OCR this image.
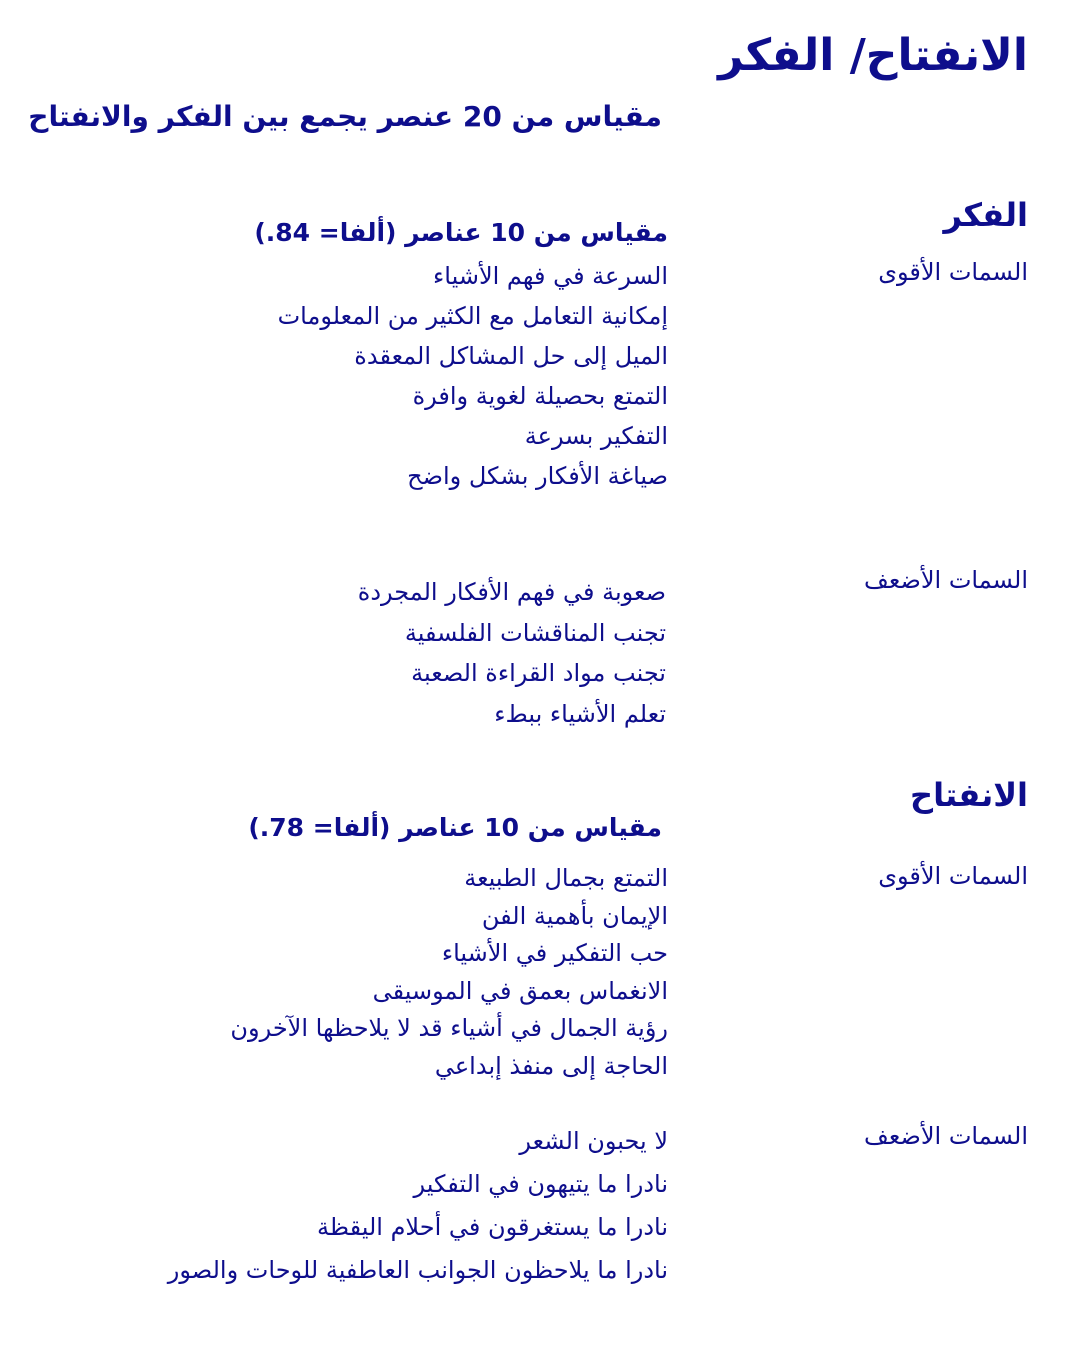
الانفتاح/ الفكر
مقياس من 20 عنصر يجمع بين الفكر والانفتاح
الفكر
مقياس من 10 عناصر (ألفا= 84.)
السمات الأقوى
السرعة في فهم الأشياء
إمكانية التعامل مع الكثير من المعلومات
الميل إلى حل المشاكل المعقدة
التمتع بحصيلة لغوية وافرة
التفكير بسرعة
صياغة الأفكار بشكل واضح
السمات الأضعف
صعوبة في فهم الأفكار المجردة
تجنب المناقشات الفلسفية
تجنب مواد القراءة الصعبة
تعلم الأشياء ببطء
الانفتاح
مقياس من 10 عناصر (ألفا= 78.)
السمات الأقوى
التمتع بجمال الطبيعة
الإيمان بأهمية الفن
حب التفكير في الأشياء
الانغماس بعمق في الموسيقى
رؤية الجمال في أشياء قد لا يلاحظها الآخرون
الحاجة إلى منفذ إبداعي
السمات الأضعف
لا يحبون الشعر
نادرا ما يتيهون في التفكير
نادرا ما يستغرقون في أحلام اليقظة
نادرا ما يلاحظون الجوانب العاطفية للوحات والصور
